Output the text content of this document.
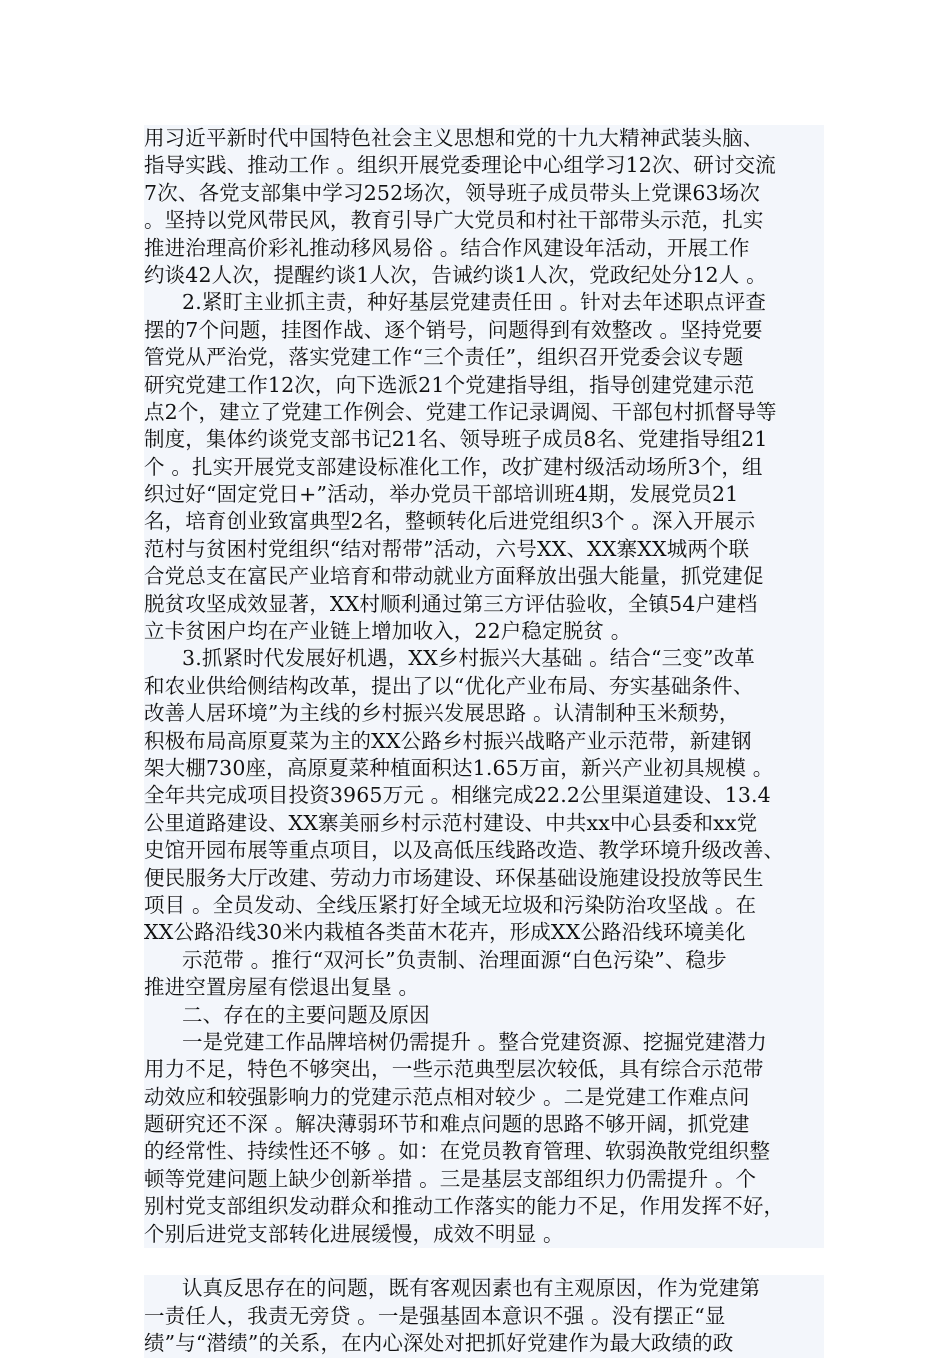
用习近平新时代中国特色社会主义思想和党的十九大精神武装头脑、
指导实践、推动工作 。组织开展党委理论中心组学习12次、研讨交流
7次、各党支部集中学习252场次，领导班子成员带头上党课63场次
。坚持以党风带民风，教育引导广大党员和村社干部带头示范，扎实
推进治理高价彩礼推动移风易俗 。结合作风建设年活动，开展工作
约谈42人次，提醒约谈1人次，告诫约谈1人次，党政纪处分12人 。
2.紧盯主业抓主责，种好基层党建责任田 。针对去年述职点评查
摆的7个问题，挂图作战、逐个销号，问题得到有效整改 。坚持党要
管党从严治党，落实党建工作“三个责任”，组织召开党委会议专题
研究党建工作12次，向下选派21个党建指导组，指导创建党建示范
点2个，建立了党建工作例会、党建工作记录调阅、干部包村抓督导等
制度，集体约谈党支部书记21名、领导班子成员8名、党建指导组21
个 。扎实开展党支部建设标准化工作，改扩建村级活动场所3个，组
织过好“固定党日+”活动，举办党员干部培训班4期，发展党员21
名，培育创业致富典型2名，整顿转化后进党组织3个 。深入开展示
范村与贫困村党组织“结对帮带”活动，六号XX、XX寨XX城两个联
合党总支在富民产业培育和带动就业方面释放出强大能量，抓党建促
脱贫攻坚成效显著，XX村顺利通过第三方评估验收，全镇54户建档
立卡贫困户均在产业链上增加收入，22户稳定脱贫 。
3.抓紧时代发展好机遇，XX乡村振兴大基础 。结合“三变”改革
和农业供给侧结构改革，提出了以“优化产业布局、夯实基础条件、
改善人居环境”为主线的乡村振兴发展思路 。认清制种玉米颓势，
积极布局高原夏菜为主的XX公路乡村振兴战略产业示范带，新建钢
架大棚730座，高原夏菜种植面积达1.65万亩，新兴产业初具规模 。
全年共完成项目投资3965万元 。相继完成22.2公里渠道建设、13.4
公里道路建设、XX寨美丽乡村示范村建设、中共xx中心县委和xx党
史馆开园布展等重点项目，以及高低压线路改造、教学环境升级改善、
便民服务大厅改建、劳动力市场建设、环保基础设施建设投放等民生
项目 。全员发动、全线压紧打好全域无垃圾和污染防治攻坚战 。在
XX公路沿线30米内栽植各类苗木花卉，形成XX公路沿线环境美化
示范带 。推行“双河长”负责制、治理面源“白色污染”、稳步
推进空置房屋有偿退出复垦 。
二、存在的主要问题及原因
一是党建工作品牌培树仍需提升 。整合党建资源、挖掘党建潜力
用力不足，特色不够突出，一些示范典型层次较低，具有综合示范带
动效应和较强影响力的党建示范点相对较少 。二是党建工作难点问
题研究还不深 。解决薄弱环节和难点问题的思路不够开阔，抓党建
的经常性、持续性还不够 。如：在党员教育管理、软弱涣散党组织整
顿等党建问题上缺少创新举措 。三是基层支部组织力仍需提升 。个
别村党支部组织发动群众和推动工作落实的能力不足，作用发挥不好，
个别后进党支部转化进展缓慢，成效不明显 。
认真反思存在的问题，既有客观因素也有主观原因，作为党建第
一责任人，我责无旁贷 。一是强基固本意识不强 。没有摆正“显
绩”与“潜绩”的关系，在内心深处对把抓好党建作为最大政绩的政
